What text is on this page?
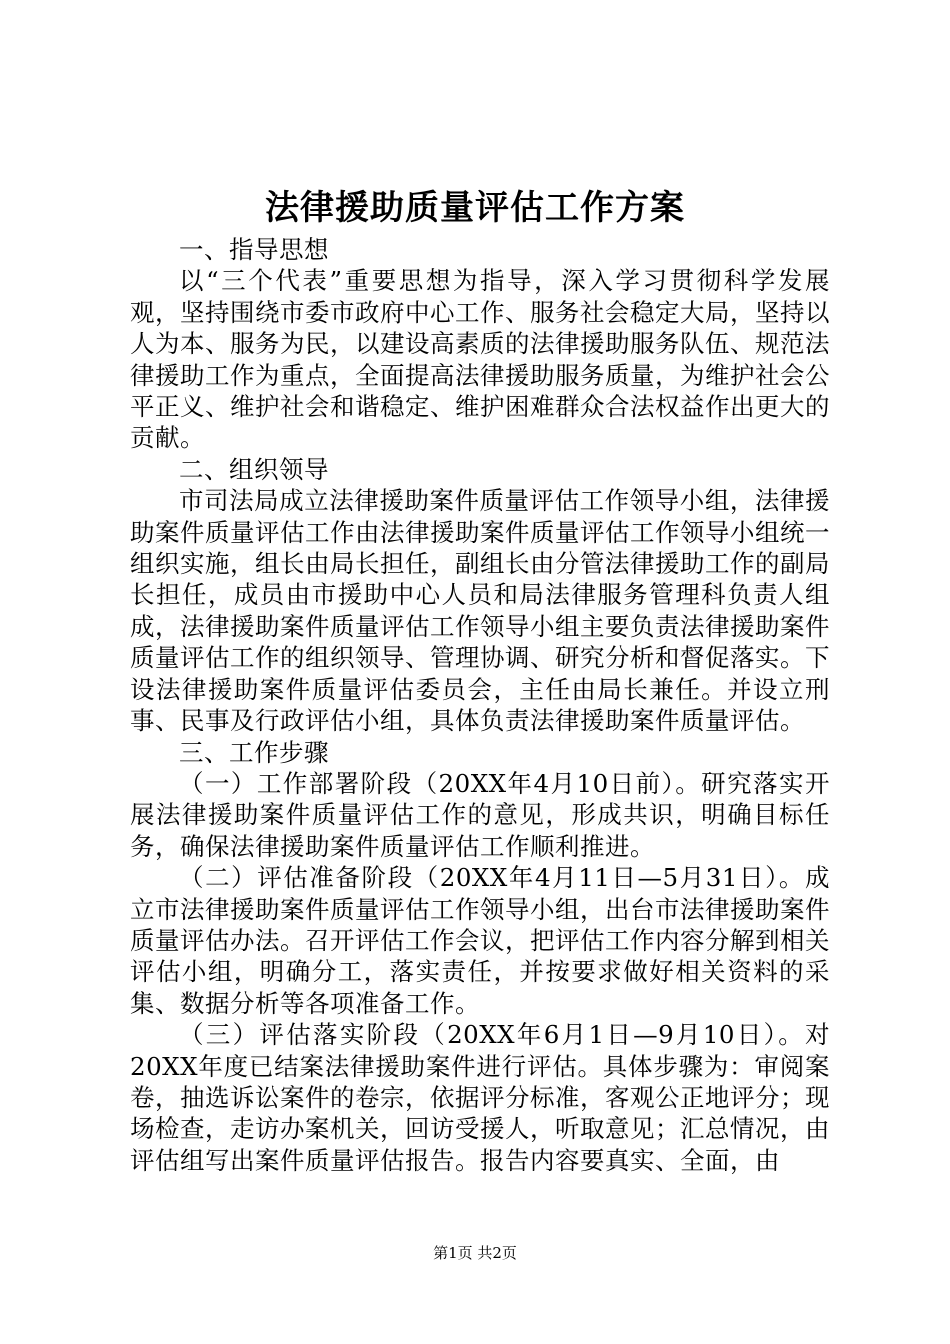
法律援助质量评估工作方案

一、指导思想

以“三个代表”重要思想为指导，深入学习贯彻科学发展观，坚持围绕市委市政府中心工作、服务社会稳定大局，坚持以人为本、服务为民，以建设高素质的法律援助服务队伍、规范法律援助工作为重点，全面提高法律援助服务质量，为维护社会公平正义、维护社会和谐稳定、维护困难群众合法权益作出更大的贡献。

二、组织领导

市司法局成立法律援助案件质量评估工作领导小组，法律援助案件质量评估工作由法律援助案件质量评估工作领导小组统一组织实施，组长由局长担任，副组长由分管法律援助工作的副局长担任，成员由市援助中心人员和局法律服务管理科负责人组成，法律援助案件质量评估工作领导小组主要负责法律援助案件质量评估工作的组织领导、管理协调、研究分析和督促落实。下设法律援助案件质量评估委员会，主任由局长兼任。并设立刑事、民事及行政评估小组，具体负责法律援助案件质量评估。

三、工作步骤

（一）工作部署阶段（20XX年4月10日前）。研究落实开展法律援助案件质量评估工作的意见，形成共识，明确目标任务，确保法律援助案件质量评估工作顺利推进。

（二）评估准备阶段（20XX年4月11日—5月31日）。成立市法律援助案件质量评估工作领导小组，出台市法律援助案件质量评估办法。召开评估工作会议，把评估工作内容分解到相关评估小组，明确分工，落实责任，并按要求做好相关资料的采集、数据分析等各项准备工作。

（三）评估落实阶段（20XX年6月1日—9月10日）。对20XX年度已结案法律援助案件进行评估。具体步骤为：审阅案卷，抽选诉讼案件的卷宗，依据评分标准，客观公正地评分；现场检查，走访办案机关，回访受援人，听取意见；汇总情况，由评估组写出案件质量评估报告。报告内容要真实、全面，由

第1页 共2页
